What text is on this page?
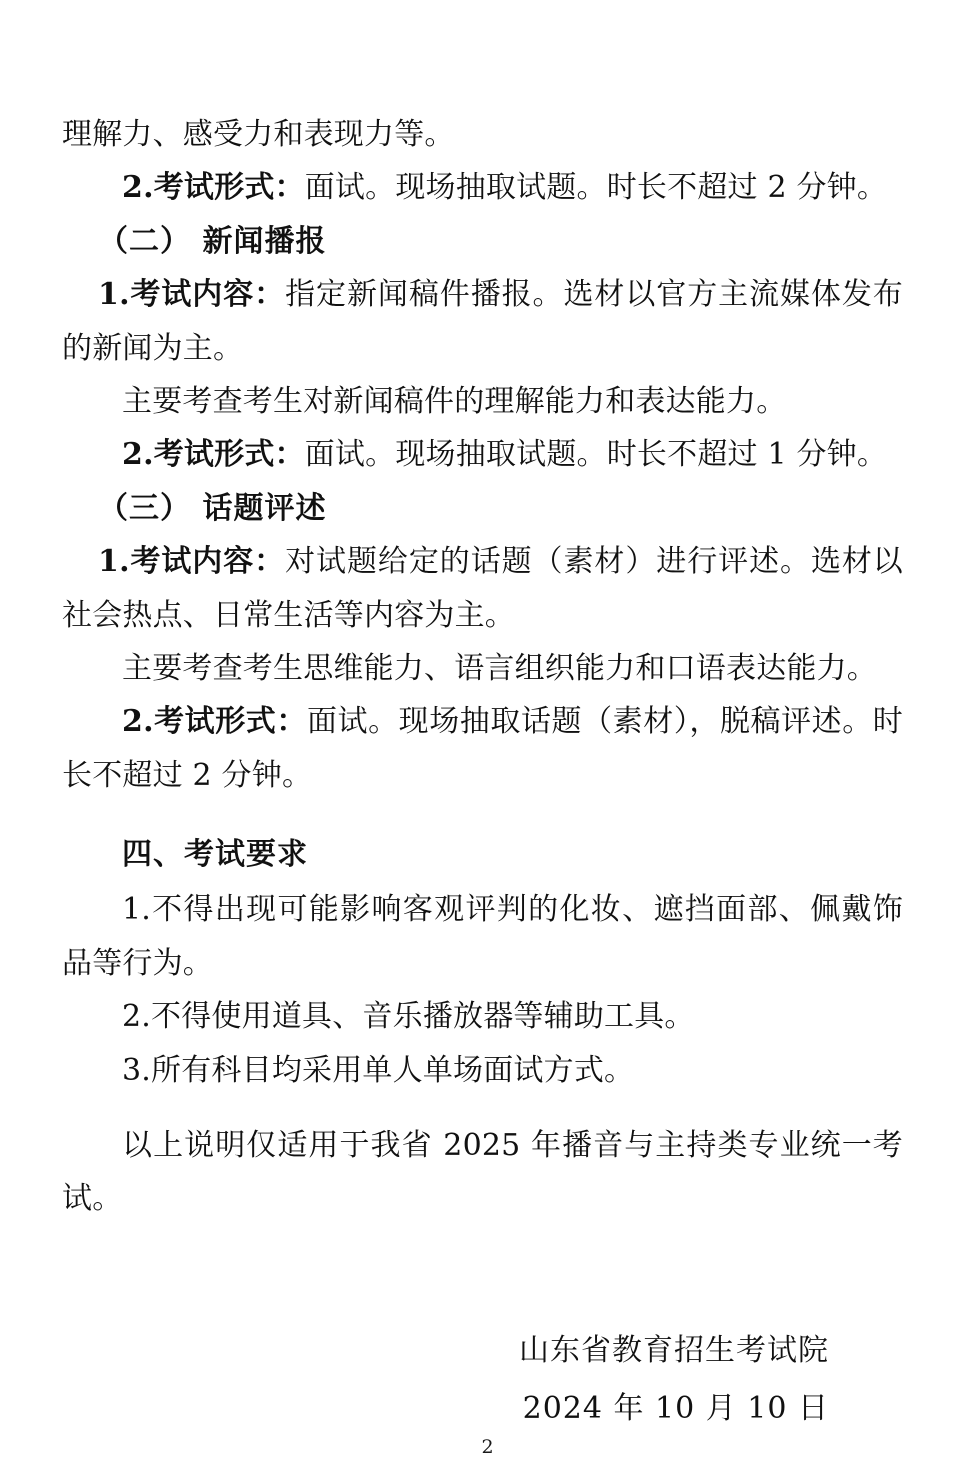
理解力、感受力和表现力等。

2.考试形式：面试。现场抽取试题。时长不超过 2 分钟。

（二） 新闻播报

1.考试内容：指定新闻稿件播报。选材以官方主流媒体发布的新闻为主。

主要考查考生对新闻稿件的理解能力和表达能力。

2.考试形式：面试。现场抽取试题。时长不超过 1 分钟。

（三） 话题评述

1.考试内容：对试题给定的话题（素材）进行评述。选材以社会热点、日常生活等内容为主。

主要考查考生思维能力、语言组织能力和口语表达能力。

2.考试形式：面试。现场抽取话题（素材），脱稿评述。时长不超过 2 分钟。

四、考试要求

1.不得出现可能影响客观评判的化妆、遮挡面部、佩戴饰品等行为。

2.不得使用道具、音乐播放器等辅助工具。

3.所有科目均采用单人单场面试方式。

以上说明仅适用于我省 2025 年播音与主持类专业统一考试。

山东省教育招生考试院
2024 年 10 月 10 日
2
